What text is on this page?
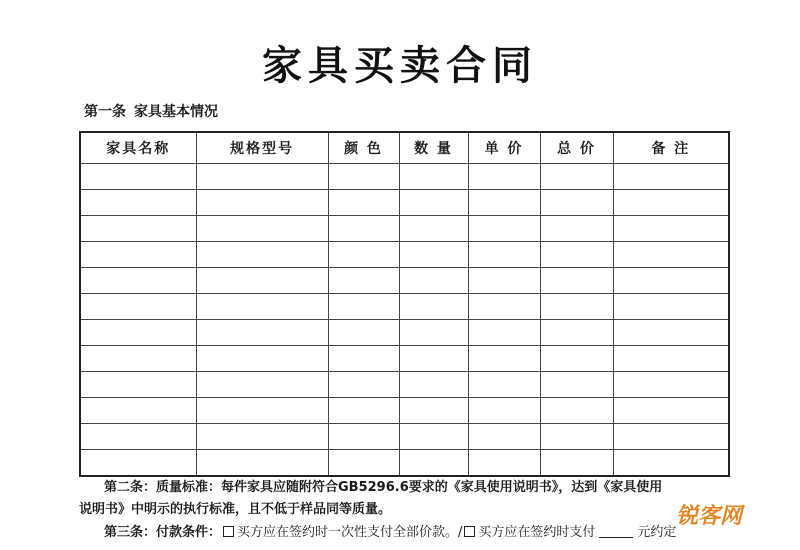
家具买卖合同
第一条 家具基本情况
家具名称	规格型号	颜 色	数 量	单 价	总 价	备 注

第二条：质量标准：每件家具应随附符合GB5296.6要求的《家具使用说明书》，达到《家具使用
说明书》中明示的执行标准，且不低于样品同等质量。
第三条：付款条件： 买方应在签约时一次性支付全部价款。/ 买方应在签约时支付	元约定
锐客网
